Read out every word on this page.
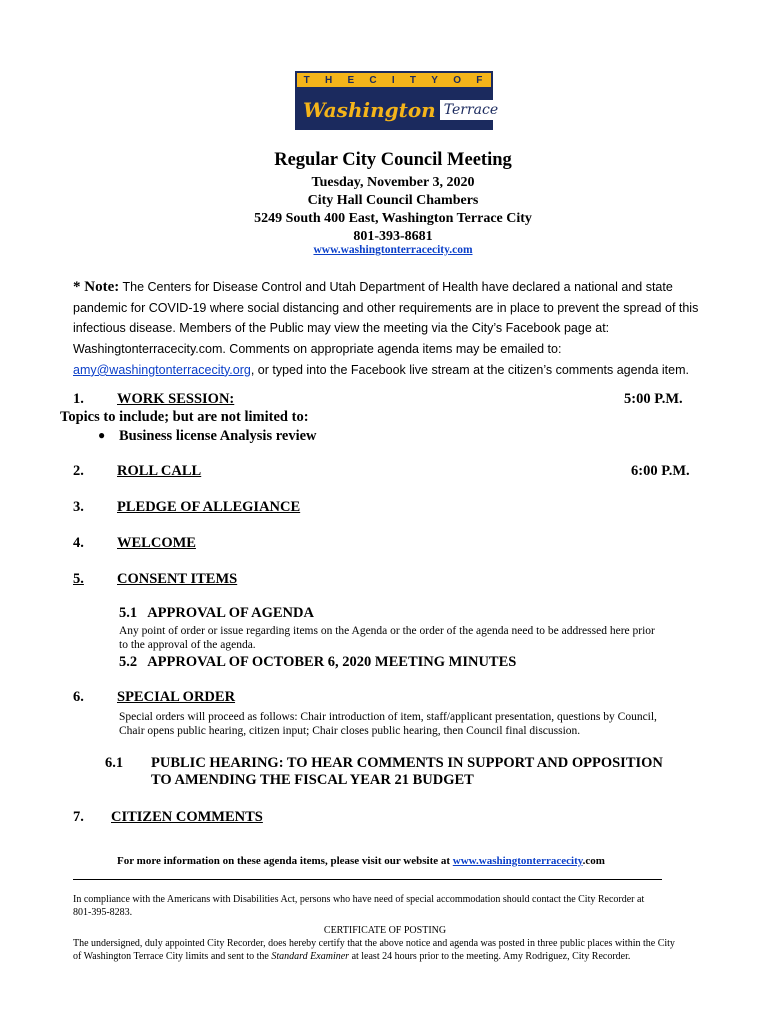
T H E C I T Y O F
Washington Terrace
Regular City Council Meeting
Tuesday, November 3, 2020
City Hall Council Chambers
5249 South 400 East, Washington Terrace City
801-393-8681
www.washingtonterracecity.com
* Note: The Centers for Disease Control and Utah Department of Health have declared a national and state
pandemic for COVID-19 where social distancing and other requirements are in place to prevent the spread of this
infectious disease. Members of the Public may view the meeting via the City’s Facebook page at:
Washingtonterracecity.com. Comments on appropriate agenda items may be emailed to:
amy@washingtonterracecity.org, or typed into the Facebook live stream at the citizen’s comments agenda item.
1. WORK SESSION:	5:00 P.M.
Topics to include; but are not limited to:
● Business license Analysis review
2. ROLL CALL	6:00 P.M.
3. PLEDGE OF ALLEGIANCE
4. WELCOME
5. CONSENT ITEMS
5.1   APPROVAL OF AGENDA
Any point of order or issue regarding items on the Agenda or the order of the agenda need to be addressed here prior
to the approval of the agenda.
5.2   APPROVAL OF OCTOBER 6, 2020 MEETING MINUTES
6. SPECIAL ORDER
Special orders will proceed as follows: Chair introduction of item, staff/applicant presentation, questions by Council,
Chair opens public hearing, citizen input; Chair closes public hearing, then Council final discussion.
6.1 PUBLIC HEARING: TO HEAR COMMENTS IN SUPPORT AND OPPOSITION
TO AMENDING THE FISCAL YEAR 21 BUDGET
7. CITIZEN COMMENTS
For more information on these agenda items, please visit our website at www.washingtonterracecity.com
In compliance with the Americans with Disabilities Act, persons who have need of special accommodation should contact the City Recorder at
801-395-8283.
CERTIFICATE OF POSTING
The undersigned, duly appointed City Recorder, does hereby certify that the above notice and agenda was posted in three public places within the City
of Washington Terrace City limits and sent to the Standard Examiner at least 24 hours prior to the meeting. Amy Rodriguez, City Recorder.
